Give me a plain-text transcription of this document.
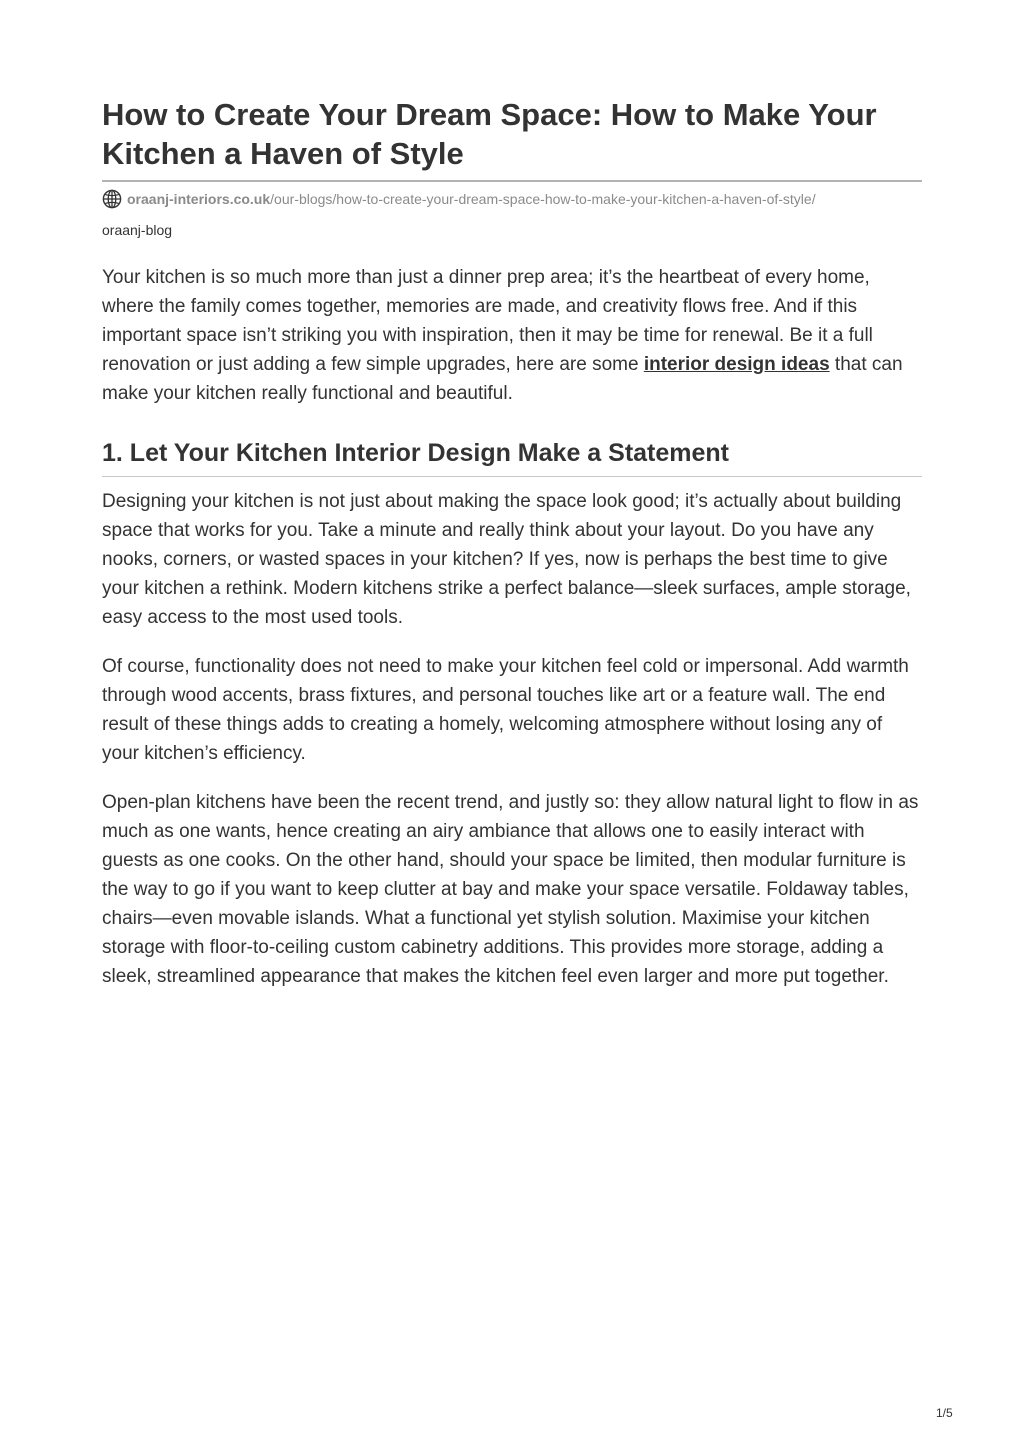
How to Create Your Dream Space: How to Make Your Kitchen a Haven of Style
oraanj-interiors.co.uk /our-blogs/how-to-create-your-dream-space-how-to-make-your-kitchen-a-haven-of-style/
oraanj-blog

Your kitchen is so much more than just a dinner prep area; it’s the heartbeat of every home, where the family comes together, memories are made, and creativity flows free. And if this important space isn’t striking you with inspiration, then it may be time for renewal. Be it a full renovation or just adding a few simple upgrades, here are some interior design ideas that can make your kitchen really functional and beautiful.

1. Let Your Kitchen Interior Design Make a Statement

Designing your kitchen is not just about making the space look good; it’s actually about building space that works for you. Take a minute and really think about your layout. Do you have any nooks, corners, or wasted spaces in your kitchen? If yes, now is perhaps the best time to give your kitchen a rethink. Modern kitchens strike a perfect balance—sleek surfaces, ample storage, easy access to the most used tools.

Of course, functionality does not need to make your kitchen feel cold or impersonal. Add warmth through wood accents, brass fixtures, and personal touches like art or a feature wall. The end result of these things adds to creating a homely, welcoming atmosphere without losing any of your kitchen’s efficiency.

Open-plan kitchens have been the recent trend, and justly so: they allow natural light to flow in as much as one wants, hence creating an airy ambiance that allows one to easily interact with guests as one cooks. On the other hand, should your space be limited, then modular furniture is the way to go if you want to keep clutter at bay and make your space versatile. Foldaway tables, chairs—even movable islands. What a functional yet stylish solution. Maximise your kitchen storage with floor-to-ceiling custom cabinetry additions. This provides more storage, adding a sleek, streamlined appearance that makes the kitchen feel even larger and more put together.

1/5
